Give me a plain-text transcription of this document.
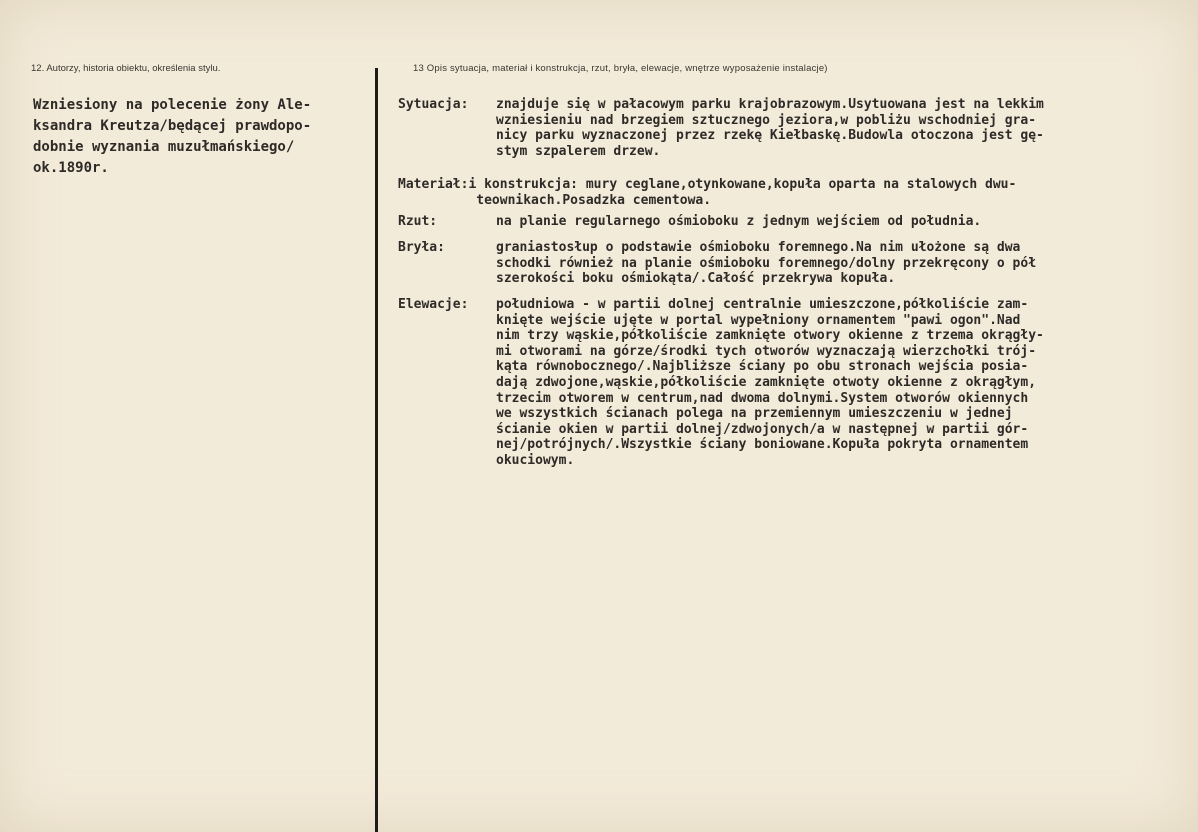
12. Autorzy, historia obiektu, określenia stylu.	13 Opis sytuacja, materiał i konstrukcja, rzut, bryła, elewacje, wnętrze wyposażenie instalacje)
Wzniesiony na polecenie żony Ale-
ksandra Kreutza/będącej prawdopo-
dobnie wyznania muzułmańskiego/
ok.1890r.
Sytuacja: znajduje się w pałacowym parku krajobrazowym.Usytuowana jest na lekkim
wzniesieniu nad brzegiem sztucznego jeziora,w pobliżu wschodniej gra-
nicy parku wyznaczonej przez rzekę Kiełbaskę.Budowla otoczona jest gę-
stym szpalerem drzew.
Materiał:i konstrukcja: mury ceglane,otynkowane,kopuła oparta na stalowych dwu-
teownikach.Posadzka cementowa.
Rzut:	na planie regularnego ośmioboku z jednym wejściem od południa.
Bryła:	graniastosłup o podstawie ośmioboku foremnego.Na nim ułożone są dwa
schodki również na planie ośmioboku foremnego/dolny przekręcony o pół
szerokości boku ośmiokąta/.Całość przekrywa kopuła.
Elewacje: południowa - w partii dolnej centralnie umieszczone,półkoliście zam-
knięte wejście ujęte w portal wypełniony ornamentem "pawi ogon".Nad
nim trzy wąskie,półkoliście zamknięte otwory okienne z trzema okrągły-
mi otworami na górze/środki tych otworów wyznaczają wierzchołki trój-
kąta równobocznego/.Najbliższe ściany po obu stronach wejścia posia-
dają zdwojone,wąskie,półkoliście zamknięte otwoty okienne z okrągłym,
trzecim otworem w centrum,nad dwoma dolnymi.System otworów okiennych
we wszystkich ścianach polega na przemiennym umieszczeniu w jednej
ścianie okien w partii dolnej/zdwojonych/a w następnej w partii gór-
nej/potrójnych/.Wszystkie ściany boniowane.Kopuła pokryta ornamentem
okuciowym.
